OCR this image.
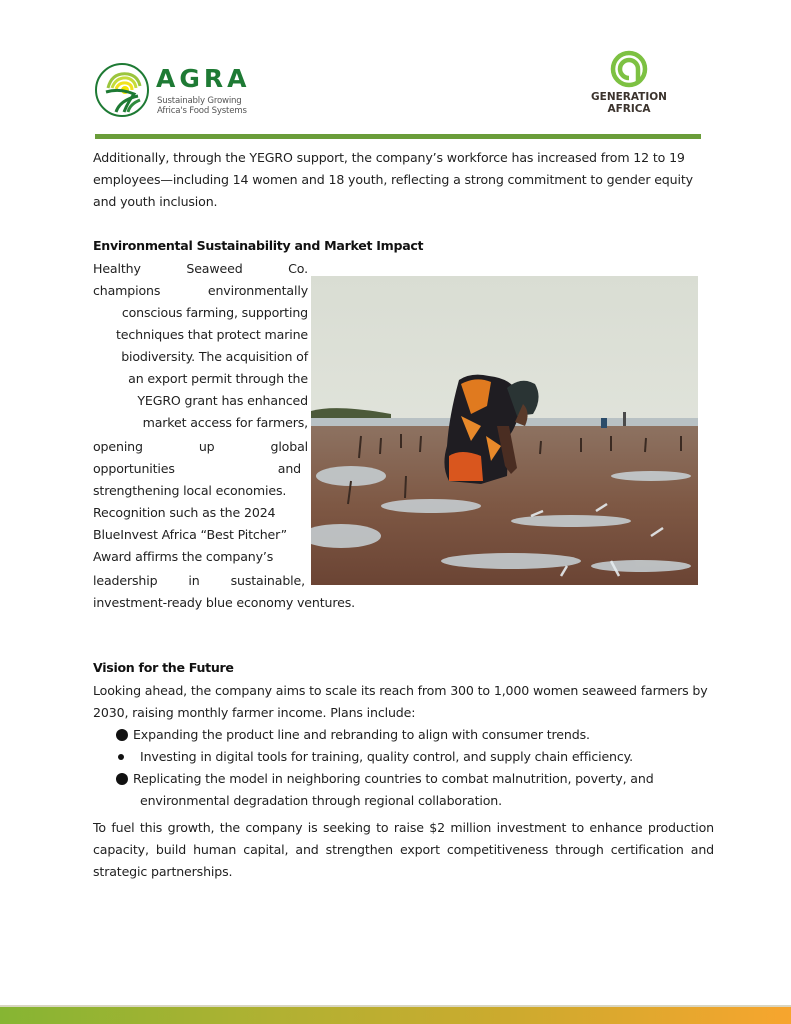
AGRA
Sustainably Growing
Africa's Food Systems
GENERATION
AFRICA

Additionally, through the YEGRO support, the company’s workforce has increased from 12 to 19 employees—including 14 women and 18 youth, reflecting a strong commitment to gender equity and youth inclusion.

Environmental Sustainability and Market Impact
Healthy	Seaweed	Co.
champions	environmentally
conscious farming, supporting
techniques that protect marine
biodiversity. The acquisition of
an export permit through the
YEGRO grant has enhanced
market access for farmers,
opening	up	global
opportunities	and
strengthening local economies.
Recognition such as the 2024
BlueInvest Africa “Best Pitcher”
Award affirms the company’s
leadership in sustainable,
investment-ready blue economy ventures.
Vision for the Future

Looking ahead, the company aims to scale its reach from 300 to 1,000 women seaweed farmers by 2030, raising monthly farmer income. Plans include:

Expanding the product line and rebranding to align with consumer trends.
Investing in digital tools for training, quality control, and supply chain efficiency.
Replicating the model in neighboring countries to combat malnutrition, poverty, and
environmental degradation through regional collaboration.

To fuel this growth, the company is seeking to raise $2 million investment to enhance production capacity, build human capital, and strengthen export competitiveness through certification and strategic partnerships.
